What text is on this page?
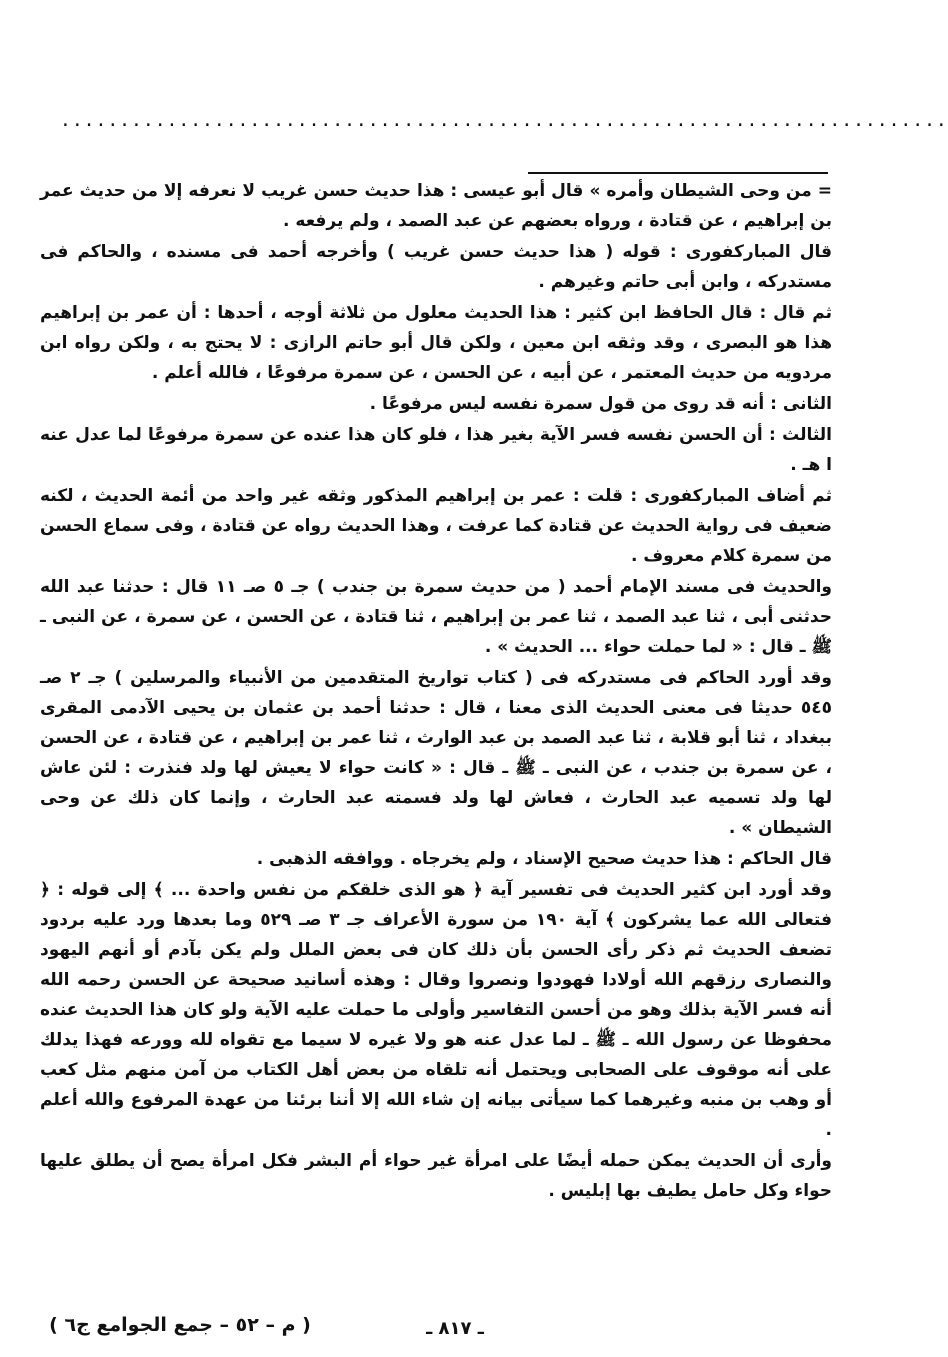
...........................................................................

= من وحى الشيطان وأمره » قال أبو عيسى : هذا حديث حسن غريب لا نعرفه إلا من حديث عمر بن إبراهيم ، عن قتادة ، ورواه بعضهم عن عبد الصمد ، ولم يرفعه .

قال المباركفورى : قوله ( هذا حديث حسن غريب ) وأخرجه أحمد فى مسنده ، والحاكم فى مستدركه ، وابن أبى حاتم وغيرهم .

ثم قال : قال الحافظ ابن كثير : هذا الحديث معلول من ثلاثة أوجه ، أحدها : أن عمر بن إبراهيم هذا هو البصرى ، وقد وثقه ابن معين ، ولكن قال أبو حاتم الرازى : لا يحتج به ، ولكن رواه ابن مردويه من حديث المعتمر ، عن أبيه ، عن الحسن ، عن سمرة مرفوعًا ، فالله أعلم .

الثانى : أنه قد روى من قول سمرة نفسه ليس مرفوعًا .

الثالث : أن الحسن نفسه فسر الآية بغير هذا ، فلو كان هذا عنده عن سمرة مرفوعًا لما عدل عنه ا هـ .

ثم أضاف المباركفورى : قلت : عمر بن إبراهيم المذكور وثقه غير واحد من أئمة الحديث ، لكنه ضعيف فى رواية الحديث عن قتادة كما عرفت ، وهذا الحديث رواه عن قتادة ، وفى سماع الحسن من سمرة كلام معروف .

والحديث فى مسند الإمام أحمد ( من حديث سمرة بن جندب ) جـ ٥ صـ ١١ قال : حدثنا عبد الله حدثنى أبى ، ثنا عبد الصمد ، ثنا عمر بن إبراهيم ، ثنا قتادة ، عن الحسن ، عن سمرة ، عن النبى ـ ﷺ ـ قال : « لما حملت حواء ... الحديث » .

وقد أورد الحاكم فى مستدركه فى ( كتاب تواريخ المتقدمين من الأنبياء والمرسلين ) جـ ٢ صـ ٥٤٥ حديثا فى معنى الحديث الذى معنا ، قال : حدثنا أحمد بن عثمان بن يحيى الآدمى المقرى ببغداد ، ثنا أبو قلابة ، ثنا عبد الصمد بن عبد الوارث ، ثنا عمر بن إبراهيم ، عن قتادة ، عن الحسن ، عن سمرة بن جندب ، عن النبى ـ ﷺ ـ قال : « كانت حواء لا يعيش لها ولد فنذرت : لئن عاش لها ولد تسميه عبد الحارث ، فعاش لها ولد فسمته عبد الحارث ، وإنما كان ذلك عن وحى الشيطان » .

قال الحاكم : هذا حديث صحيح الإسناد ، ولم يخرجاه . ووافقه الذهبى .

وقد أورد ابن كثير الحديث فى تفسير آية ﴿ هو الذى خلقكم من نفس واحدة ... ﴾ إلى قوله : ﴿ فتعالى الله عما يشركون ﴾ آية ١٩٠ من سورة الأعراف جـ ٣ صـ ٥٢٩ وما بعدها ورد عليه بردود تضعف الحديث ثم ذكر رأى الحسن بأن ذلك كان فى بعض الملل ولم يكن بآدم أو أنهم اليهود والنصارى رزقهم الله أولادا فهودوا ونصروا وقال : وهذه أسانيد صحيحة عن الحسن رحمه الله أنه فسر الآية بذلك وهو من أحسن التفاسير وأولى ما حملت عليه الآية ولو كان هذا الحديث عنده محفوظا عن رسول الله ـ ﷺ ـ لما عدل عنه هو ولا غيره لا سيما مع تقواه لله وورعه فهذا يدلك على أنه موقوف على الصحابى ويحتمل أنه تلقاه من بعض أهل الكتاب من آمن منهم مثل كعب أو وهب بن منبه وغيرهما كما سيأتى بيانه إن شاء الله إلا أننا برئنا من عهدة المرفوع والله أعلم .

وأرى أن الحديث يمكن حمله أيضًا على امرأة غير حواء أم البشر فكل امرأة يصح أن يطلق عليها حواء وكل حامل يطيف بها إبليس .

ـ ٨١٧ ـ
( م – ٥٢ – جمع الجوامع ج٦ )
